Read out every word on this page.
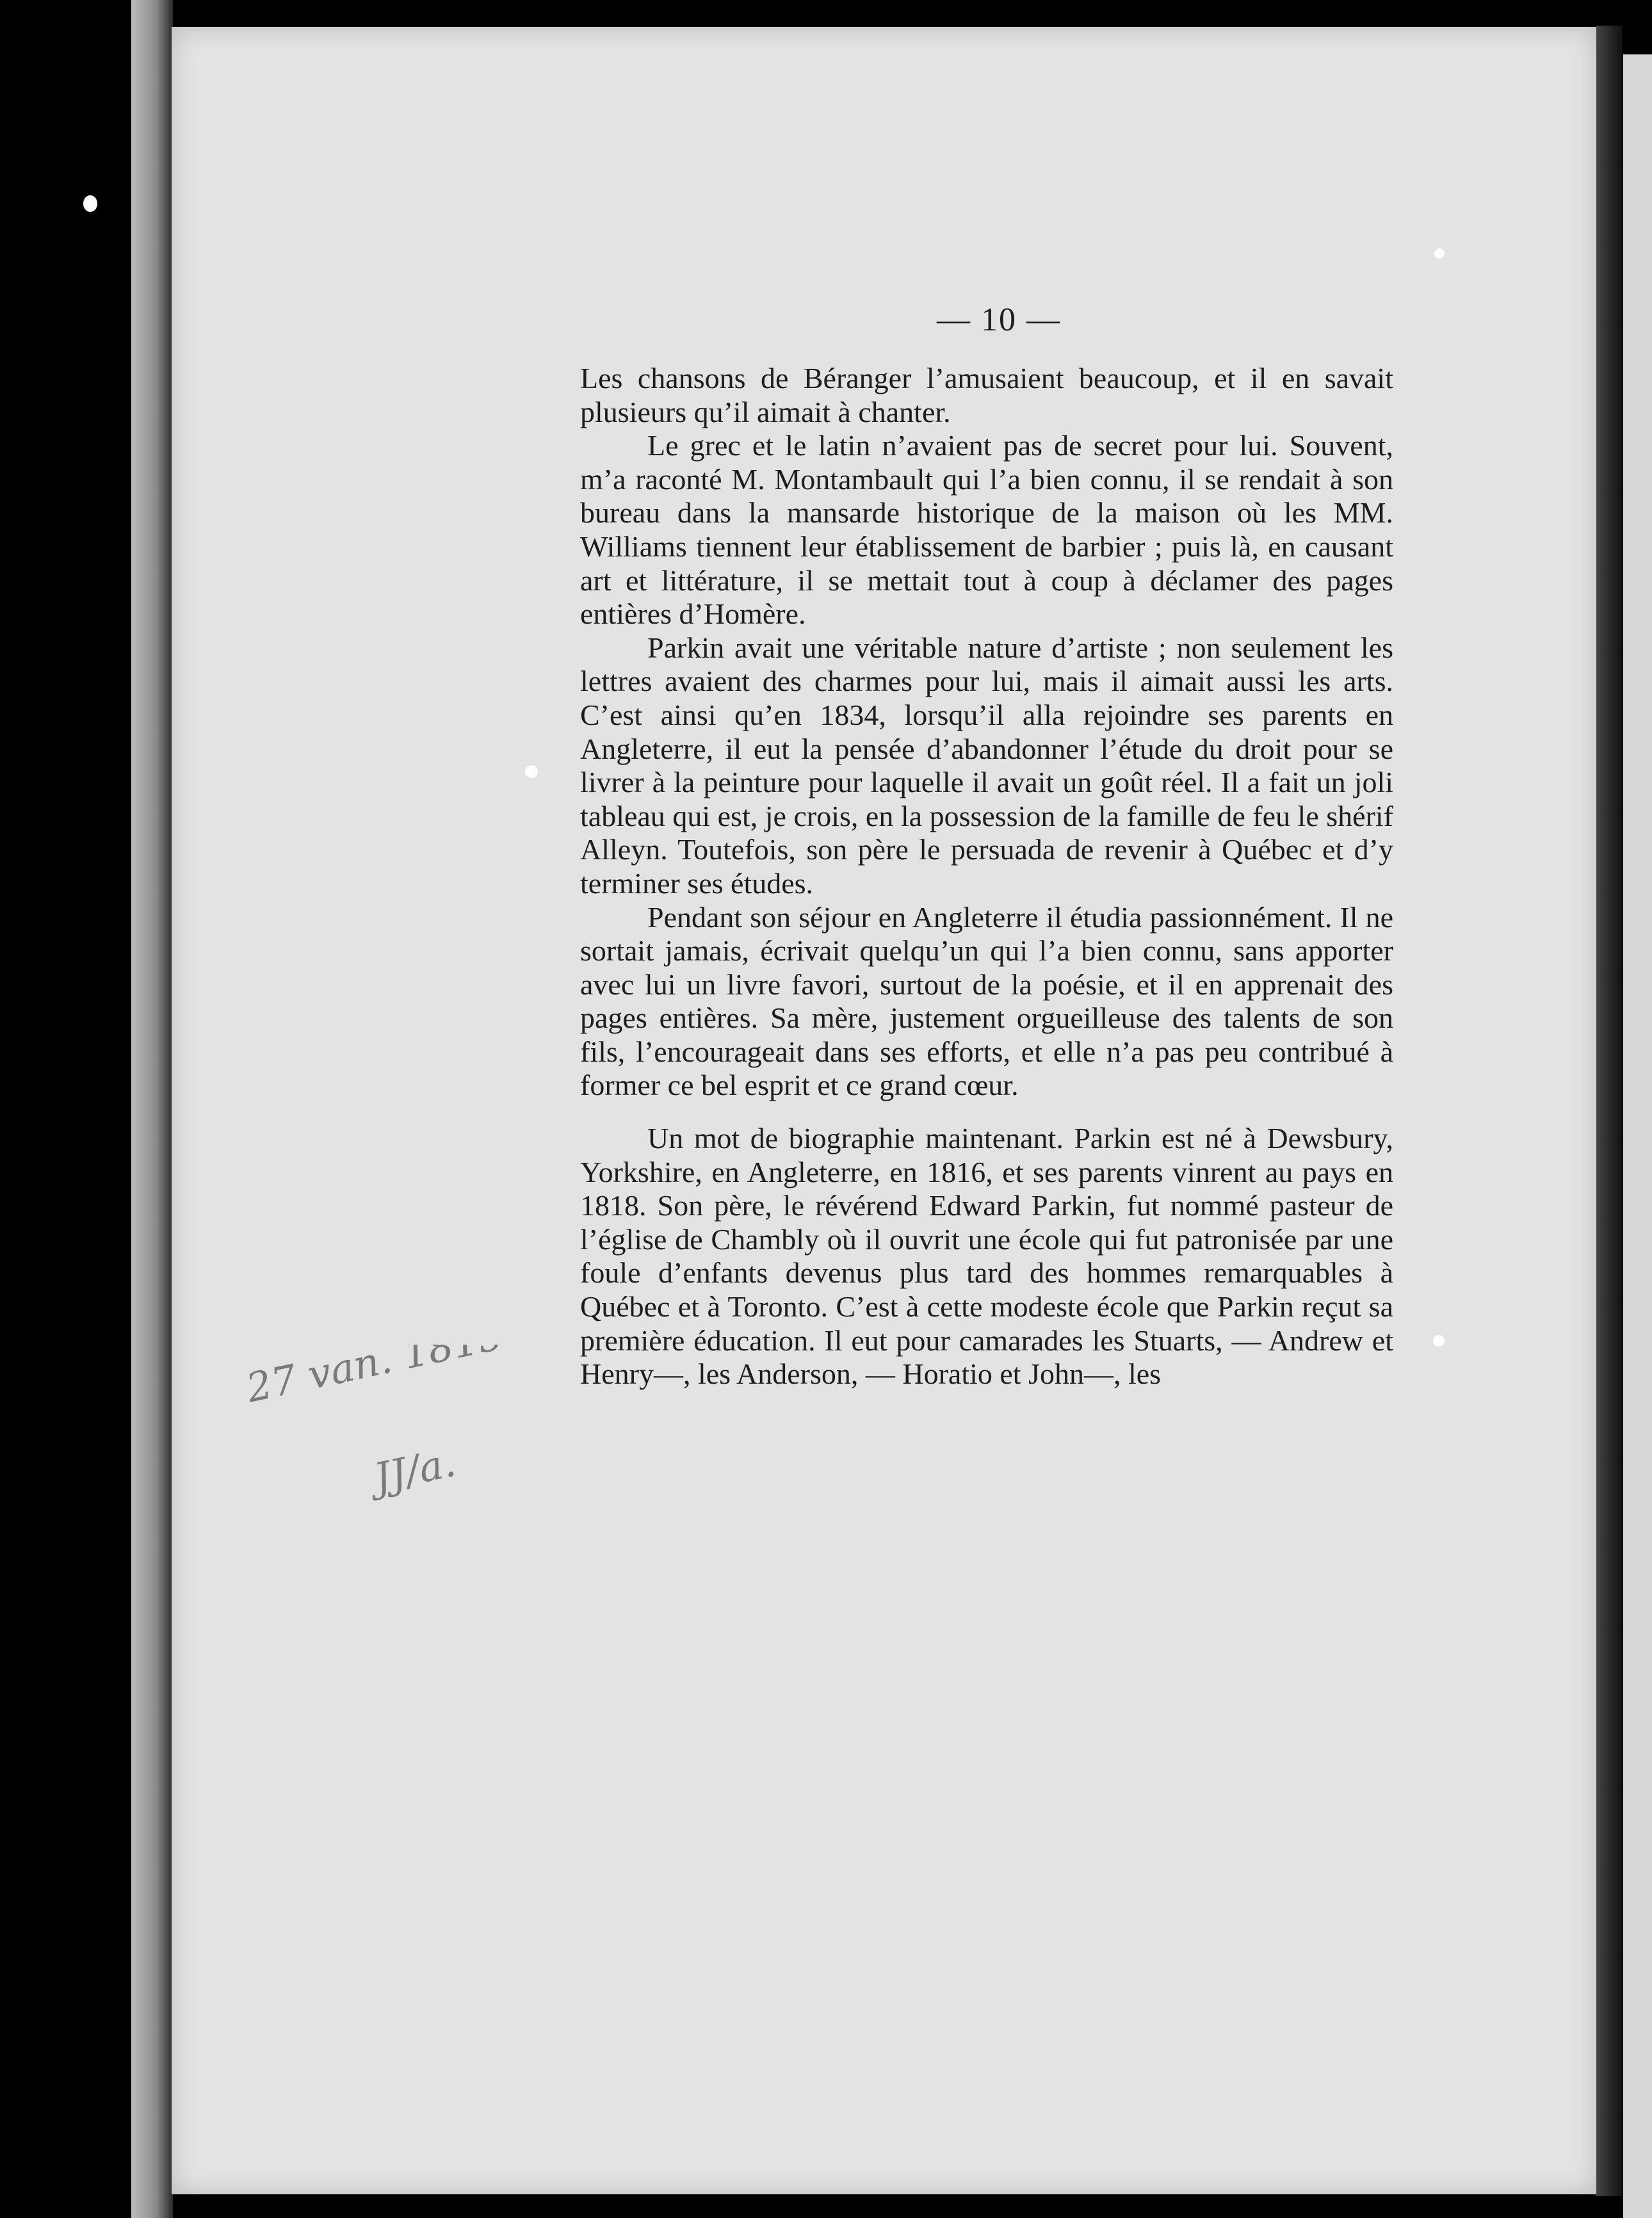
— 10 —

Les chansons de Béranger l’amusaient beaucoup, et il en savait plusieurs qu’il aimait à chanter.

Le grec et le latin n’avaient pas de secret pour lui. Souvent, m’a raconté M. Montambault qui l’a bien connu, il se rendait à son bureau dans la mansarde historique de la maison où les MM. Williams tiennent leur établissement de barbier ; puis là, en causant art et littérature, il se mettait tout à coup à déclamer des pages entières d’Homère.

Parkin avait une véritable nature d’artiste ; non seulement les lettres avaient des charmes pour lui, mais il aimait aussi les arts. C’est ainsi qu’en 1834, lorsqu’il alla rejoindre ses parents en Angleterre, il eut la pensée d’abandonner l’étude du droit pour se livrer à la peinture pour laquelle il avait un goût réel. Il a fait un joli tableau qui est, je crois, en la possession de la famille de feu le shérif Alleyn. Toutefois, son père le persuada de revenir à Québec et d’y terminer ses études.

Pendant son séjour en Angleterre il étudia passionnément. Il ne sortait jamais, écrivait quelqu’un qui l’a bien connu, sans apporter avec lui un livre favori, surtout de la poésie, et il en apprenait des pages entières. Sa mère, justement orgueilleuse des talents de son fils, l’encourageait dans ses efforts, et elle n’a pas peu contribué à former ce bel esprit et ce grand cœur.

Un mot de biographie maintenant. Parkin est né à Dewsbury, Yorkshire, en Angleterre, en 1816, et ses parents vinrent au pays en 1818. Son père, le révérend Edward Parkin, fut nommé pasteur de l’église de Chambly où il ouvrit une école qui fut patronisée par une foule d’enfants devenus plus tard des hommes remarquables à Québec et à Toronto. C’est à cette modeste école que Parkin reçut sa première éducation. Il eut pour camarades les Stuarts, — Andrew et Henry—, les Anderson, — Horatio et John—, les

27 van. 1815
JJ/a.
